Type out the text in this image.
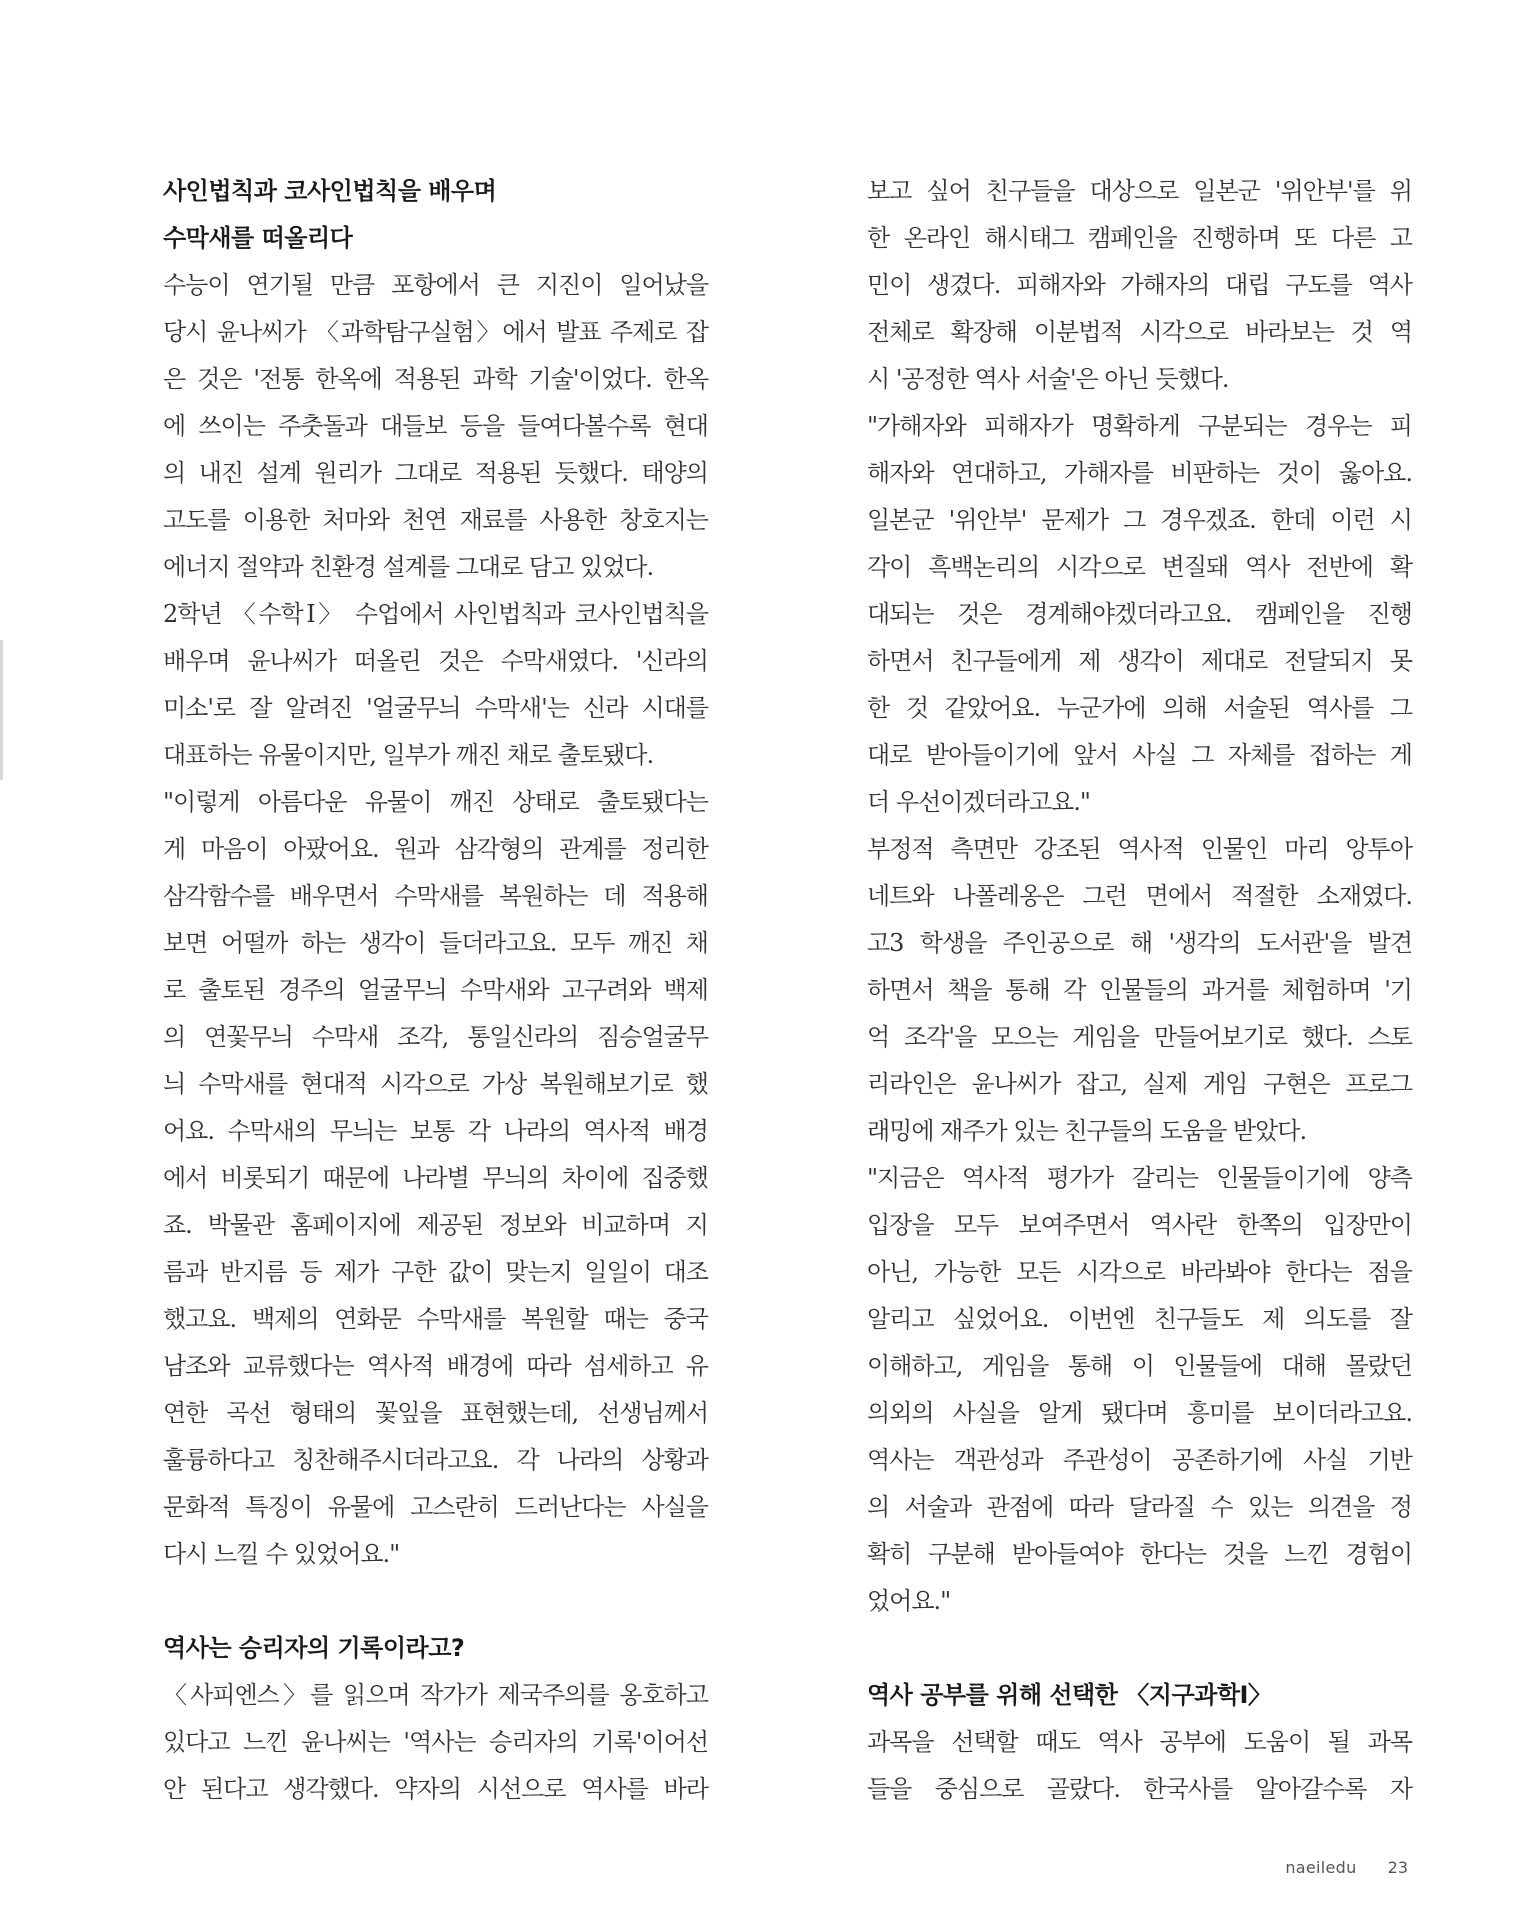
사인법칙과 코사인법칙을 배우며
수막새를 떠올리다
수능이 연기될 만큼 포항에서 큰 지진이 일어났을
당시 윤나씨가 〈과학탐구실험〉에서 발표 주제로 잡
은 것은 '전통 한옥에 적용된 과학 기술'이었다. 한옥
에 쓰이는 주춧돌과 대들보 등을 들여다볼수록 현대
의 내진 설계 원리가 그대로 적용된 듯했다. 태양의
고도를 이용한 처마와 천연 재료를 사용한 창호지는
에너지 절약과 친환경 설계를 그대로 담고 있었다.
2학년 〈수학Ⅰ〉 수업에서 사인법칙과 코사인법칙을
배우며 윤나씨가 떠올린 것은 수막새였다. '신라의
미소'로 잘 알려진 '얼굴무늬 수막새'는 신라 시대를
대표하는 유물이지만, 일부가 깨진 채로 출토됐다.
"이렇게 아름다운 유물이 깨진 상태로 출토됐다는
게 마음이 아팠어요. 원과 삼각형의 관계를 정리한
삼각함수를 배우면서 수막새를 복원하는 데 적용해
보면 어떨까 하는 생각이 들더라고요. 모두 깨진 채
로 출토된 경주의 얼굴무늬 수막새와 고구려와 백제
의 연꽃무늬 수막새 조각, 통일신라의 짐승얼굴무
늬 수막새를 현대적 시각으로 가상 복원해보기로 했
어요. 수막새의 무늬는 보통 각 나라의 역사적 배경
에서 비롯되기 때문에 나라별 무늬의 차이에 집중했
죠. 박물관 홈페이지에 제공된 정보와 비교하며 지
름과 반지름 등 제가 구한 값이 맞는지 일일이 대조
했고요. 백제의 연화문 수막새를 복원할 때는 중국
남조와 교류했다는 역사적 배경에 따라 섬세하고 유
연한 곡선 형태의 꽃잎을 표현했는데, 선생님께서
훌륭하다고 칭찬해주시더라고요. 각 나라의 상황과
문화적 특징이 유물에 고스란히 드러난다는 사실을
다시 느낄 수 있었어요."
역사는 승리자의 기록이라고?
〈사피엔스〉를 읽으며 작가가 제국주의를 옹호하고
있다고 느낀 윤나씨는 '역사는 승리자의 기록'이어선
안 된다고 생각했다. 약자의 시선으로 역사를 바라
보고 싶어 친구들을 대상으로 일본군 '위안부'를 위
한 온라인 해시태그 캠페인을 진행하며 또 다른 고
민이 생겼다. 피해자와 가해자의 대립 구도를 역사
전체로 확장해 이분법적 시각으로 바라보는 것 역
시 '공정한 역사 서술'은 아닌 듯했다.
"가해자와 피해자가 명확하게 구분되는 경우는 피
해자와 연대하고, 가해자를 비판하는 것이 옳아요.
일본군 '위안부' 문제가 그 경우겠죠. 한데 이런 시
각이 흑백논리의 시각으로 변질돼 역사 전반에 확
대되는 것은 경계해야겠더라고요. 캠페인을 진행
하면서 친구들에게 제 생각이 제대로 전달되지 못
한 것 같았어요. 누군가에 의해 서술된 역사를 그
대로 받아들이기에 앞서 사실 그 자체를 접하는 게
더 우선이겠더라고요."
부정적 측면만 강조된 역사적 인물인 마리 앙투아
네트와 나폴레옹은 그런 면에서 적절한 소재였다.
고3 학생을 주인공으로 해 '생각의 도서관'을 발견
하면서 책을 통해 각 인물들의 과거를 체험하며 '기
억 조각'을 모으는 게임을 만들어보기로 했다. 스토
리라인은 윤나씨가 잡고, 실제 게임 구현은 프로그
래밍에 재주가 있는 친구들의 도움을 받았다.
"지금은 역사적 평가가 갈리는 인물들이기에 양측
입장을 모두 보여주면서 역사란 한쪽의 입장만이
아닌, 가능한 모든 시각으로 바라봐야 한다는 점을
알리고 싶었어요. 이번엔 친구들도 제 의도를 잘
이해하고, 게임을 통해 이 인물들에 대해 몰랐던
의외의 사실을 알게 됐다며 흥미를 보이더라고요.
역사는 객관성과 주관성이 공존하기에 사실 기반
의 서술과 관점에 따라 달라질 수 있는 의견을 정
확히 구분해 받아들여야 한다는 것을 느낀 경험이
었어요."
역사 공부를 위해 선택한 〈지구과학Ⅰ〉
과목을 선택할 때도 역사 공부에 도움이 될 과목
들을 중심으로 골랐다. 한국사를 알아갈수록 자
naeiledu 23
